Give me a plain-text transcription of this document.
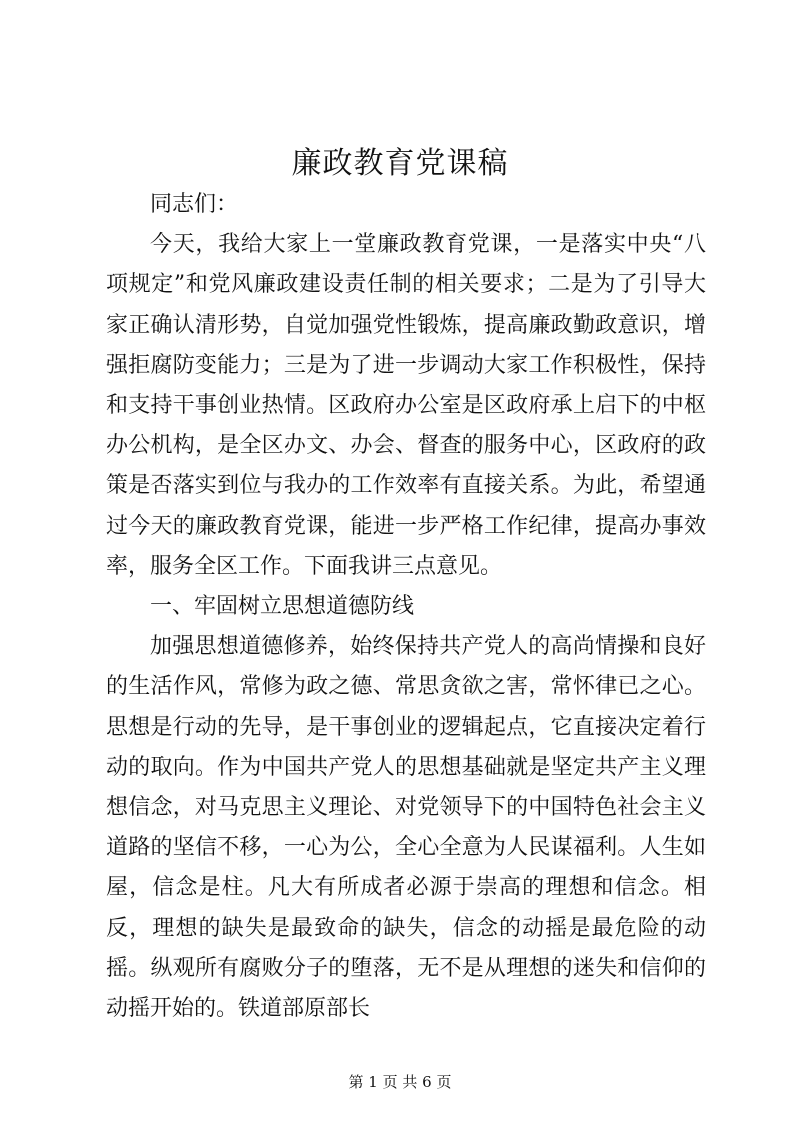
廉政教育党课稿

同志们：

今天，我给大家上一堂廉政教育党课，一是落实中央“八项规定”和党风廉政建设责任制的相关要求；二是为了引导大家正确认清形势，自觉加强党性锻炼，提高廉政勤政意识，增强拒腐防变能力；三是为了进一步调动大家工作积极性，保持和支持干事创业热情。区政府办公室是区政府承上启下的中枢办公机构，是全区办文、办会、督查的服务中心，区政府的政策是否落实到位与我办的工作效率有直接关系。为此，希望通过今天的廉政教育党课，能进一步严格工作纪律，提高办事效率，服务全区工作。下面我讲三点意见。

一、牢固树立思想道德防线

加强思想道德修养，始终保持共产党人的高尚情操和良好的生活作风，常修为政之德、常思贪欲之害，常怀律已之心。思想是行动的先导，是干事创业的逻辑起点，它直接决定着行动的取向。作为中国共产党人的思想基础就是坚定共产主义理想信念，对马克思主义理论、对党领导下的中国特色社会主义道路的坚信不移，一心为公，全心全意为人民谋福利。人生如屋，信念是柱。凡大有所成者必源于崇高的理想和信念。相反，理想的缺失是最致命的缺失，信念的动摇是最危险的动摇。纵观所有腐败分子的堕落，无不是从理想的迷失和信仰的动摇开始的。铁道部原部长

第 1 页 共 6 页
